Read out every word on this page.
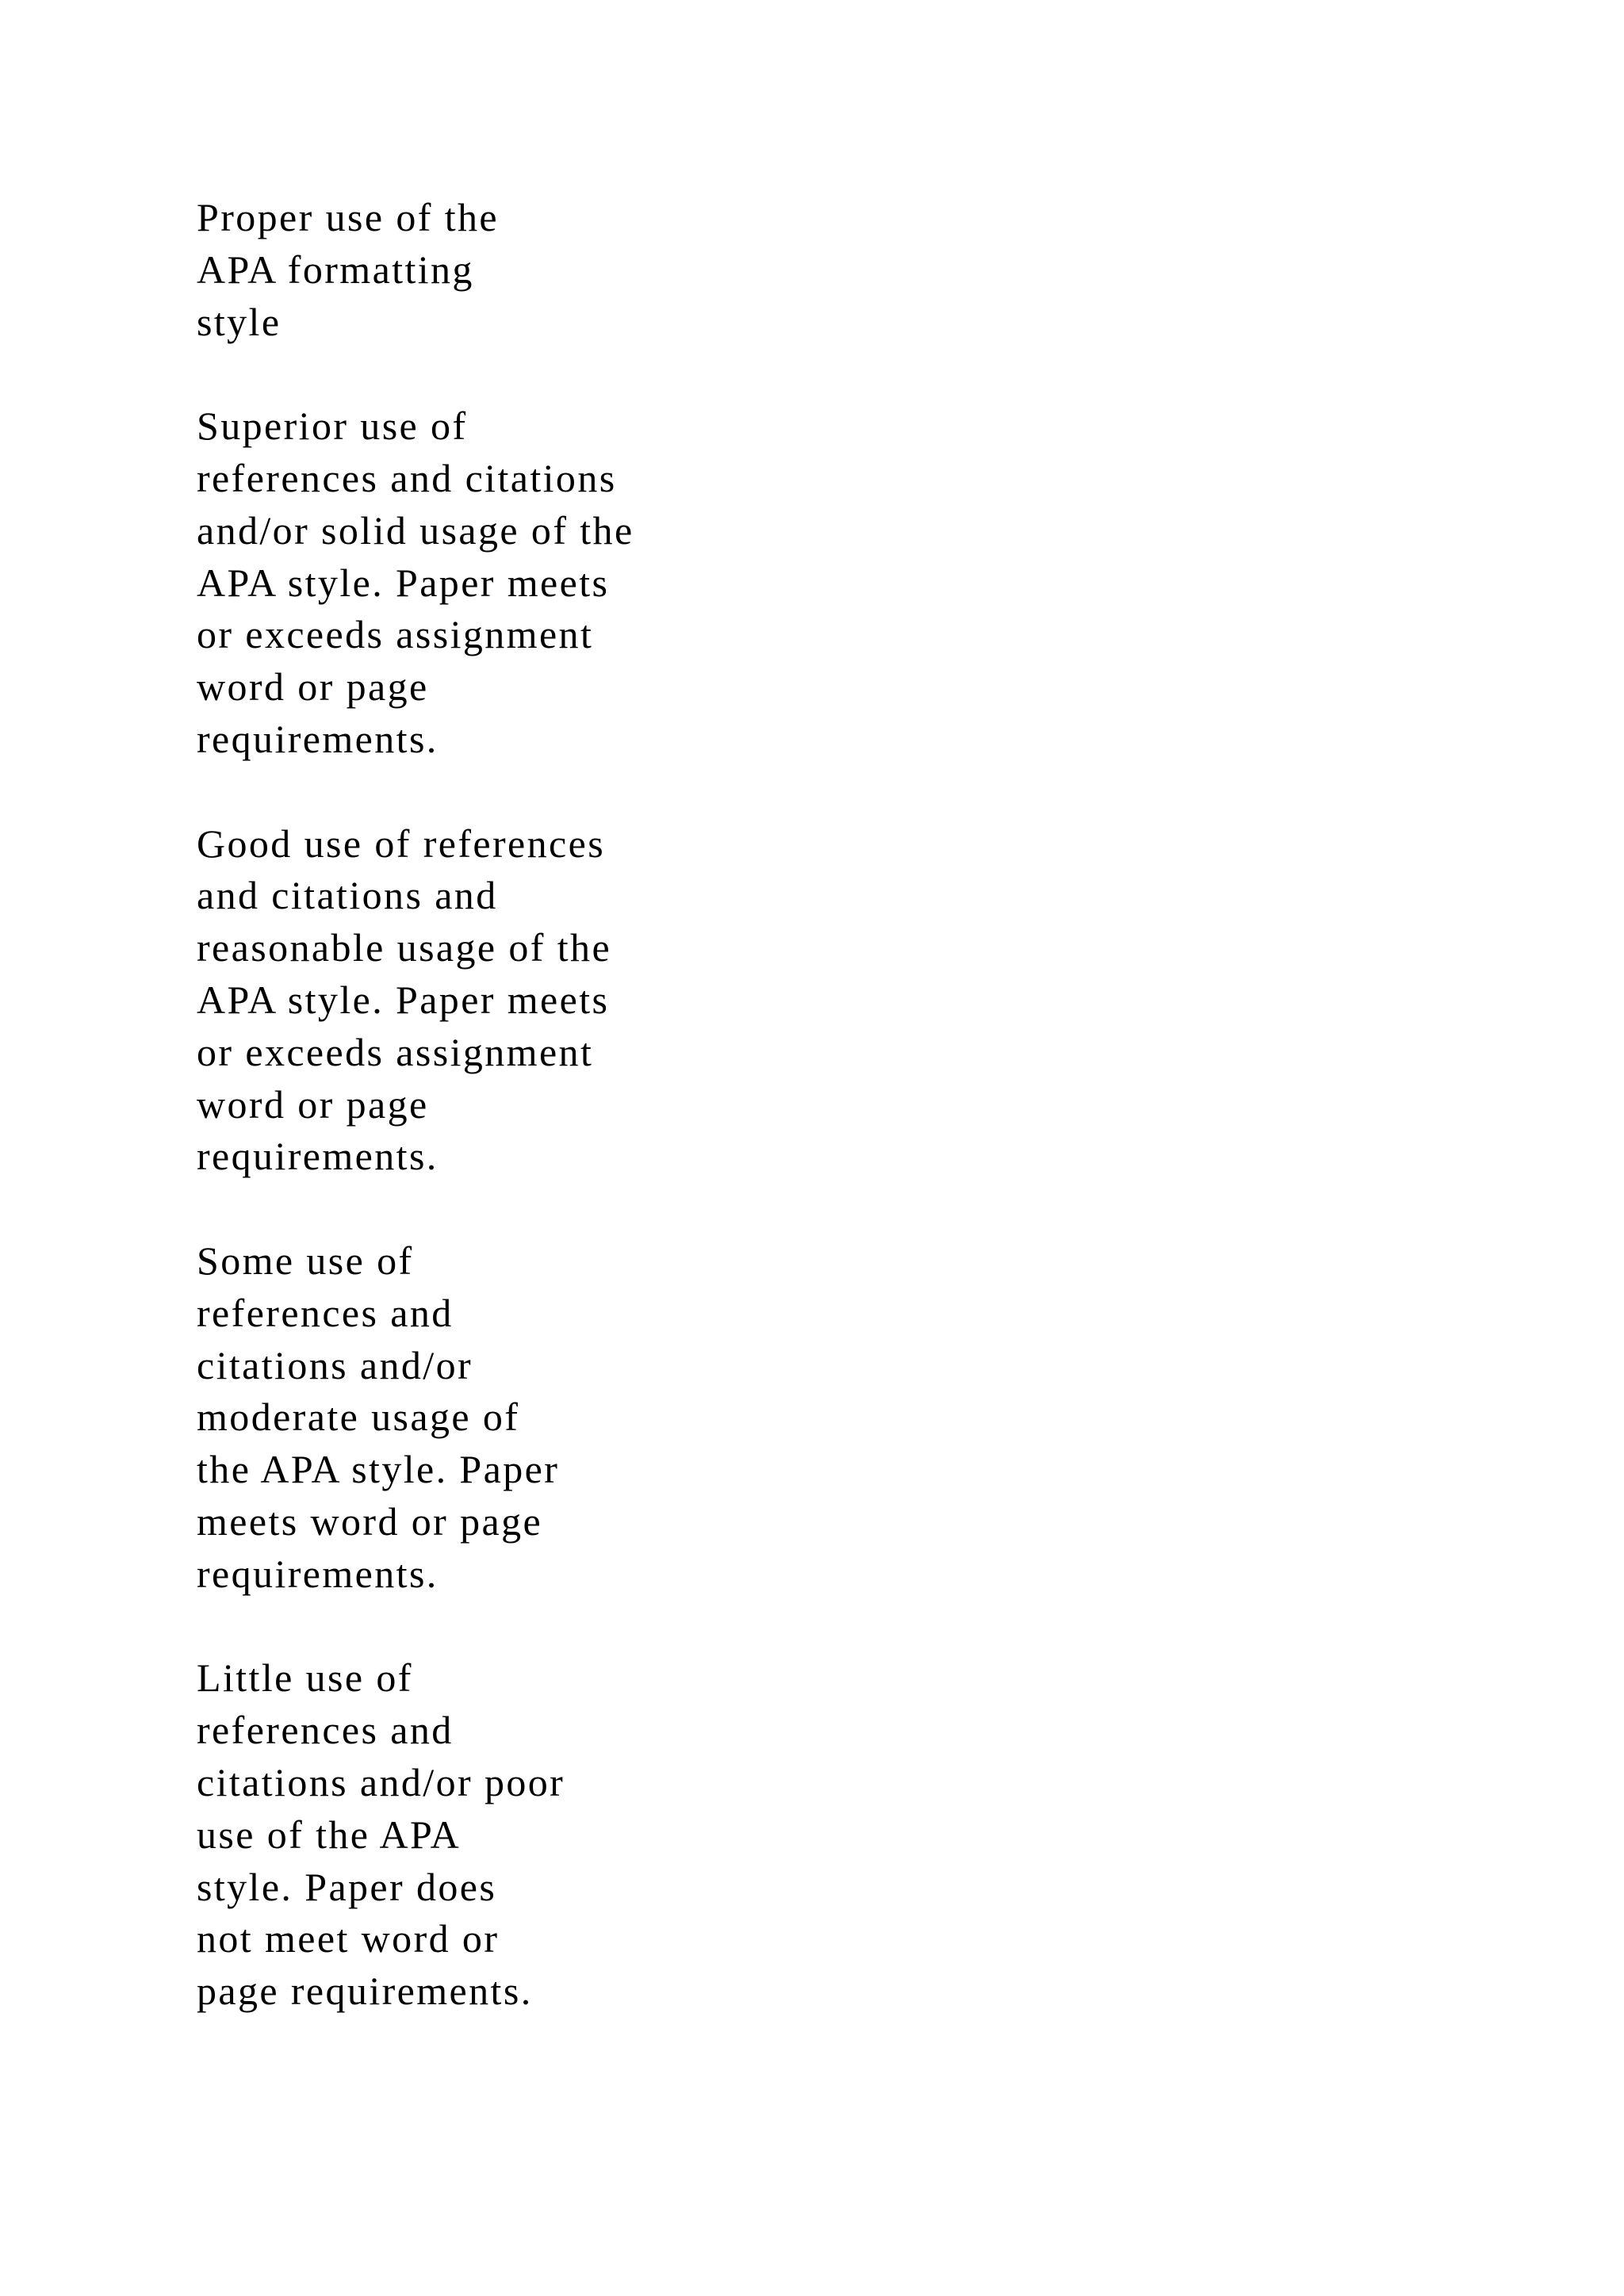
Proper use of the
APA formatting
style

Superior use of
references and citations
and/or solid usage of the
APA style. Paper meets
or exceeds assignment
word or page
requirements.

Good use of references
and citations and
reasonable usage of the
APA style. Paper meets
or exceeds assignment
word or page
requirements.

Some use of
references and
citations and/or
moderate usage of
the APA style. Paper
meets word or page
requirements.

Little use of
references and
citations and/or poor
use of the APA
style. Paper does
not meet word or
page requirements.
